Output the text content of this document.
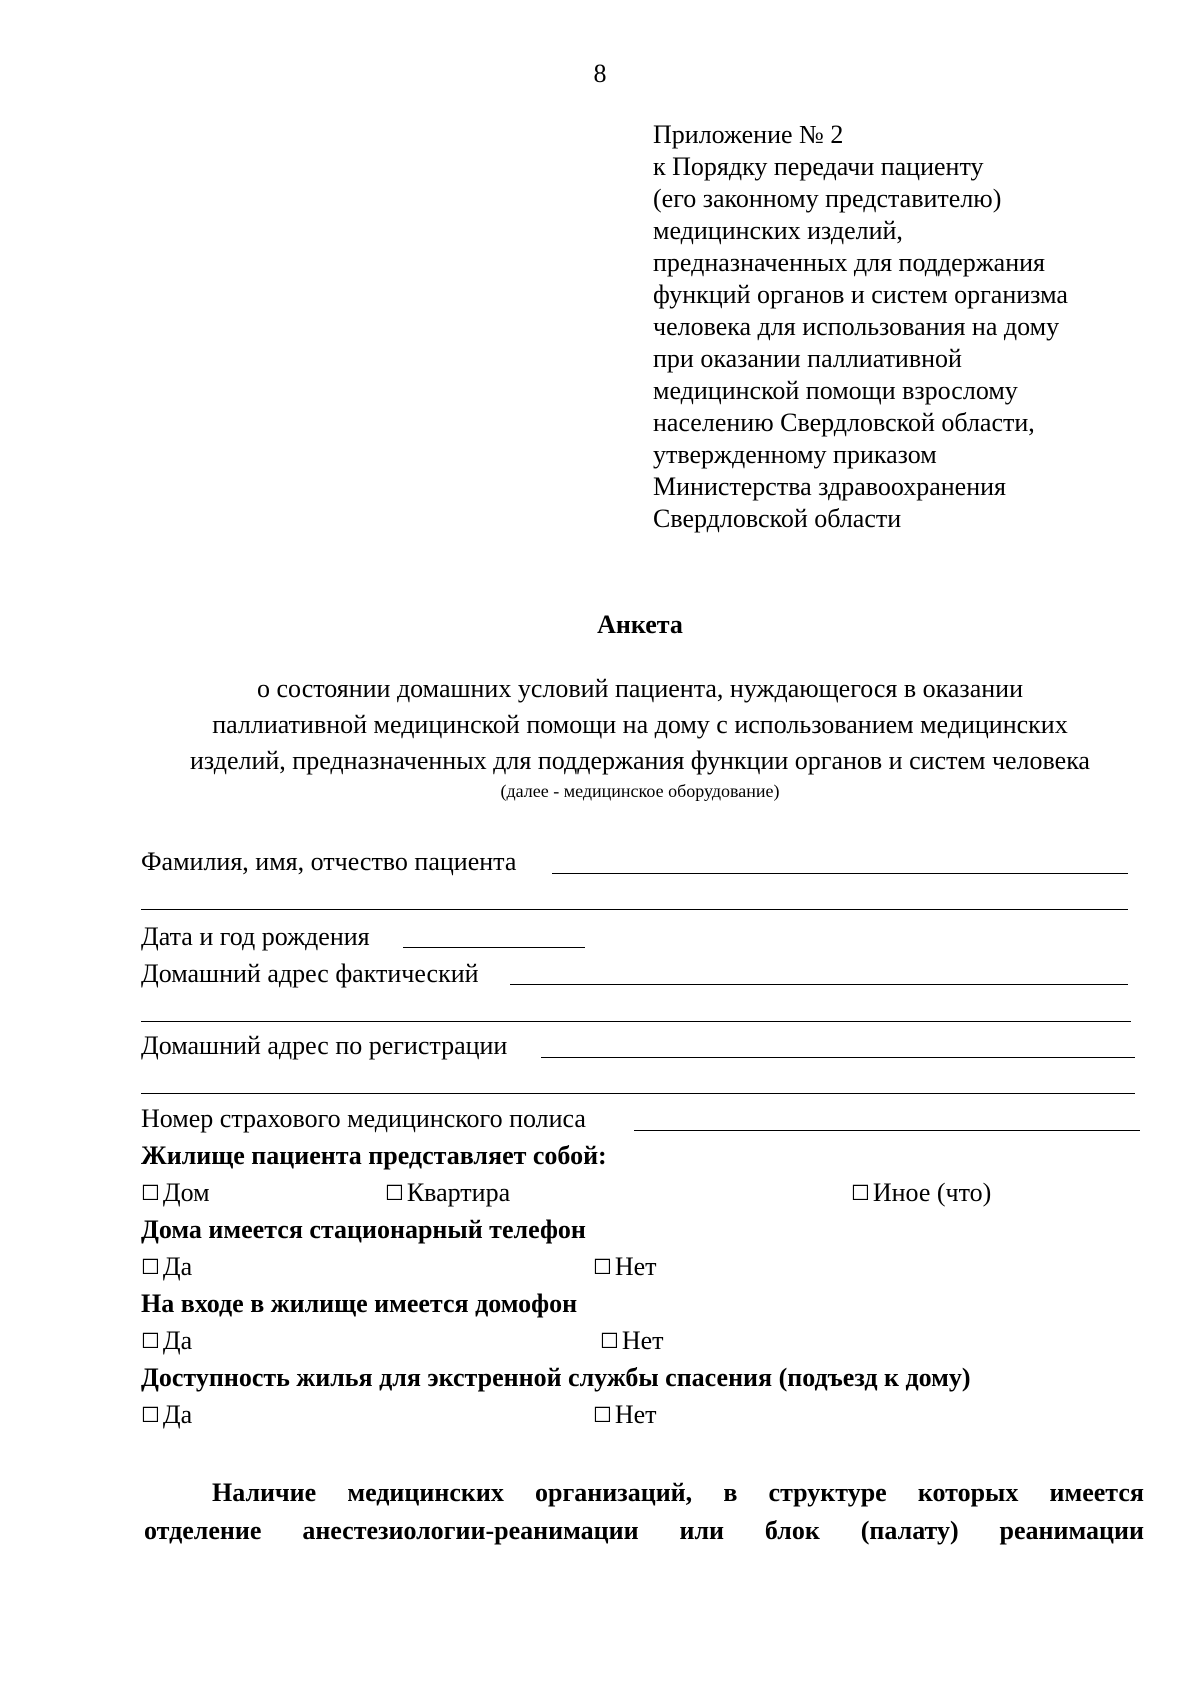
8
Приложение № 2
к Порядку передачи пациенту
(его законному представителю)
медицинских изделий,
предназначенных для поддержания
функций органов и систем организма
человека для использования на дому
при оказании паллиативной
медицинской помощи взрослому
населению Свердловской области,
утвержденному приказом
Министерства здравоохранения
Свердловской области
Анкета
о состоянии домашних условий пациента, нуждающегося в оказании
паллиативной медицинской помощи на дому с использованием медицинских
изделий, предназначенных для поддержания функции органов и систем человека
(далее - медицинское оборудование)
Фамилия, имя, отчество пациента
Дата и год рождения
Домашний адрес фактический
Домашний адрес по регистрации
Номер страхового медицинского полиса
Жилище пациента представляет собой:
☐ Дом	☐ Квартира	☐ Иное (что)
Дома имеется стационарный телефон
☐ Да	☐ Нет
На входе в жилище имеется домофон
☐ Да	☐ Нет
Доступность жилья для экстренной службы спасения (подъезд к дому)
☐ Да	☐ Нет
Наличие медицинских организаций, в структуре которых имеется
отделение анестезиологии-реанимации или блок (палату) реанимации
